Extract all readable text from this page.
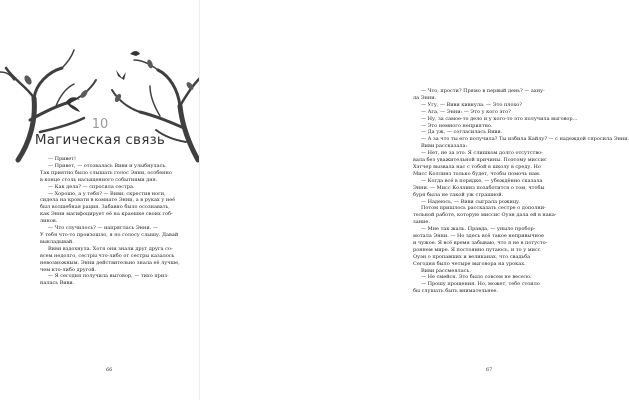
10
Магическая связь
— Привет!
— Привет, — отозвалась Виви и улыбнулась.
Так приятно было слышать голос Энни, особенно
в конце столь насыщенного событиями дня.
— Как дела? — спросила сестра.
— Хорошо, а у тебя? — Виви, скрестив ноги,
сидела на кровати в комнате Энни, а в руках у неё
был волшебная рация. Забавно было осознавать,
как Энни магифоцирует её на краешке своих гоб-
линов.
— Что случилось? — напряглась Энни. —
У тебя что-то произошло, я по голосу слышу. Давай
выкладывай.
Виви вздохнула. Хотя они знали друг друга со-
всем недолго, сестры что-либо от сестры казалось
невозможным. Энни действительно знала её лучше,
чем кто-либо другой.
— Я сегодня получила выговор, — тихо приз-
налась Виви.
66
— Что, прости? Прямо в первый день? — ахну-
ла Энни.
— Угу, — Виви кивнула. — Это плохо?
— Ага, — Энни: — Это у кого это?
— Ну, за самое-то дело и у кого-то это получила выговор...
— Это немного неприятно.
— Да уж, — согласилась Виви.
— А за что ты его получила? Ты избила Кайлу? — с надеждой спросила Энни.
Виви рассказала:
— Нет, не за это. Я слишком долго отсутство-
вала без уважительной причины. Поэтому миссис
Хэтчер вызвала нас с тобой в школу в среду. Но
Мисс Коллинз только будет, чтобы помочь нам.
— Когда всё в порядке, — убеждённо сказала
Энни. — Мисс Коллинз позаботится о том, чтобы
буря была не такой уж страшной.
— Надеюсь, — Виви сыграла рожицу.
Потом пришлось рассказать сестре о дополни-
тельной работе, которую миссис Оуэн дала ей в нака-
зание.
— Мне так жаль. Правда, — уныло пробор-
мотала Энни. — Но здесь всё такое непривычное
и чужое. Я всё время забываю, что я не в потусто-
роннем мире. Я постоянно путаюсь, и то у мисс
Оуэн о пропавших и великанах, что свадьба
Сегодня было четыре выговора на уроках.
Виви рассмеялась.
— Не смейся. Это было совсем не весело.
— Прошу прощения. Но, может, тебе стоило
бы слушать быть внимательнее.
67
